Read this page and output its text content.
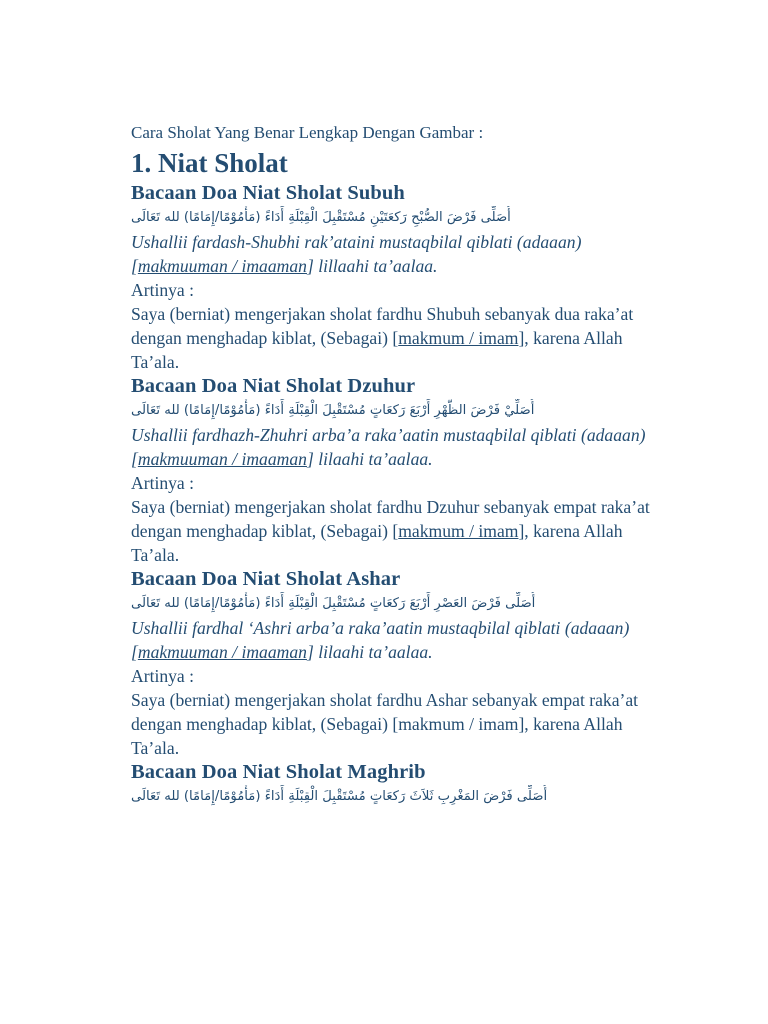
Cara Sholat Yang Benar Lengkap Dengan Gambar :

1. Niat Sholat
Bacaan Doa Niat Sholat Subuh

أُصَلِّى فَرْضَ الصُّبْحِ رَكعَتَيْنِ مُسْتَقْبِلَ الْقِبْلَةِ أَدَاءً (مَأْمُوْمًا/إِمَامًا) لله تَعَالَى

Ushallii fardash-Shubhi rak’ataini mustaqbilal qiblati (adaaan) [makmuuman / imaaman] lillaahi ta’aalaa.

Artinya :

Saya (berniat) mengerjakan sholat fardhu Shubuh sebanyak dua raka’at dengan menghadap kiblat, (Sebagai) [makmum / imam], karena Allah Ta’ala.

Bacaan Doa Niat Sholat Dzuhur

أُصَلِّيْ فَرْضَ الظُّهْرِ أَرْبَعَ رَكعَاتٍ مُسْتَقْبِلَ الْقِبْلَةِ أَدَاءً (مَأْمُوْمًا/إِمَامًا) لله تَعَالَى

Ushallii fardhazh-Zhuhri arba’a raka’aatin mustaqbilal qiblati (adaaan) [makmuuman / imaaman] lilaahi ta’aalaa.

Artinya :

Saya (berniat) mengerjakan sholat fardhu Dzuhur sebanyak empat raka’at dengan menghadap kiblat, (Sebagai) [makmum / imam], karena Allah Ta’ala.

Bacaan Doa Niat Sholat Ashar

أُصَلِّى فَرْضَ العَصْرِ أَرْبَعَ رَكعَاتٍ مُسْتَقْبِلَ الْقِبْلَةِ أَدَاءً (مَأْمُوْمًا/إِمَامًا) لله تَعَالَى

Ushallii fardhal ‘Ashri arba’a raka’aatin mustaqbilal qiblati (adaaan) [makmuuman / imaaman] lilaahi ta’aalaa.

Artinya :

Saya (berniat) mengerjakan sholat fardhu Ashar sebanyak empat raka’at dengan menghadap kiblat, (Sebagai) [makmum / imam], karena Allah Ta’ala.

Bacaan Doa Niat Sholat Maghrib

أُصَلِّى فَرْضَ المَغْرِبِ ثَلاَثَ رَكعَاتٍ مُسْتَقْبِلَ الْقِبْلَةِ أَدَاءً (مَأْمُوْمًا/إِمَامًا) لله تَعَالَى
